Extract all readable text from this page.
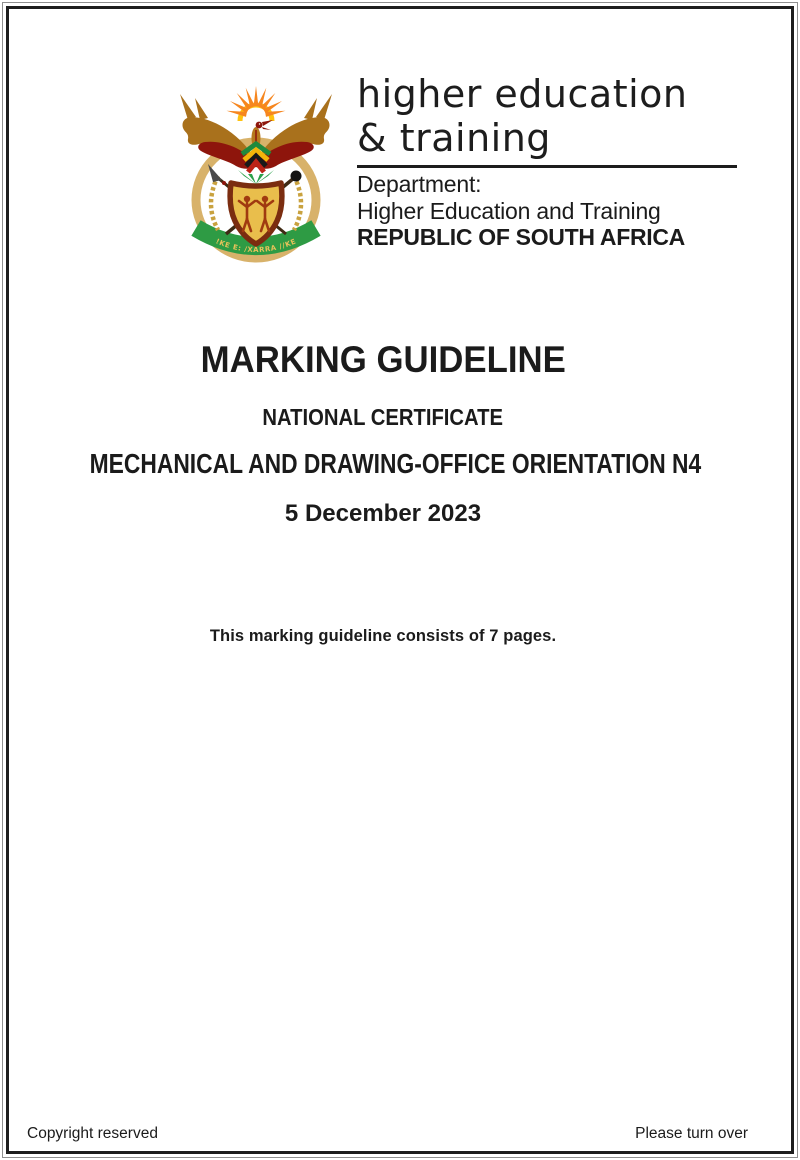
!KE E: /XARRA //KE
higher education
& training
Department:
Higher Education and Training
REPUBLIC OF SOUTH AFRICA
MARKING GUIDELINE
NATIONAL CERTIFICATE
MECHANICAL AND DRAWING-OFFICE ORIENTATION N4
5 December 2023
This marking guideline consists of 7 pages.
Copyright reserved	Please turn over
